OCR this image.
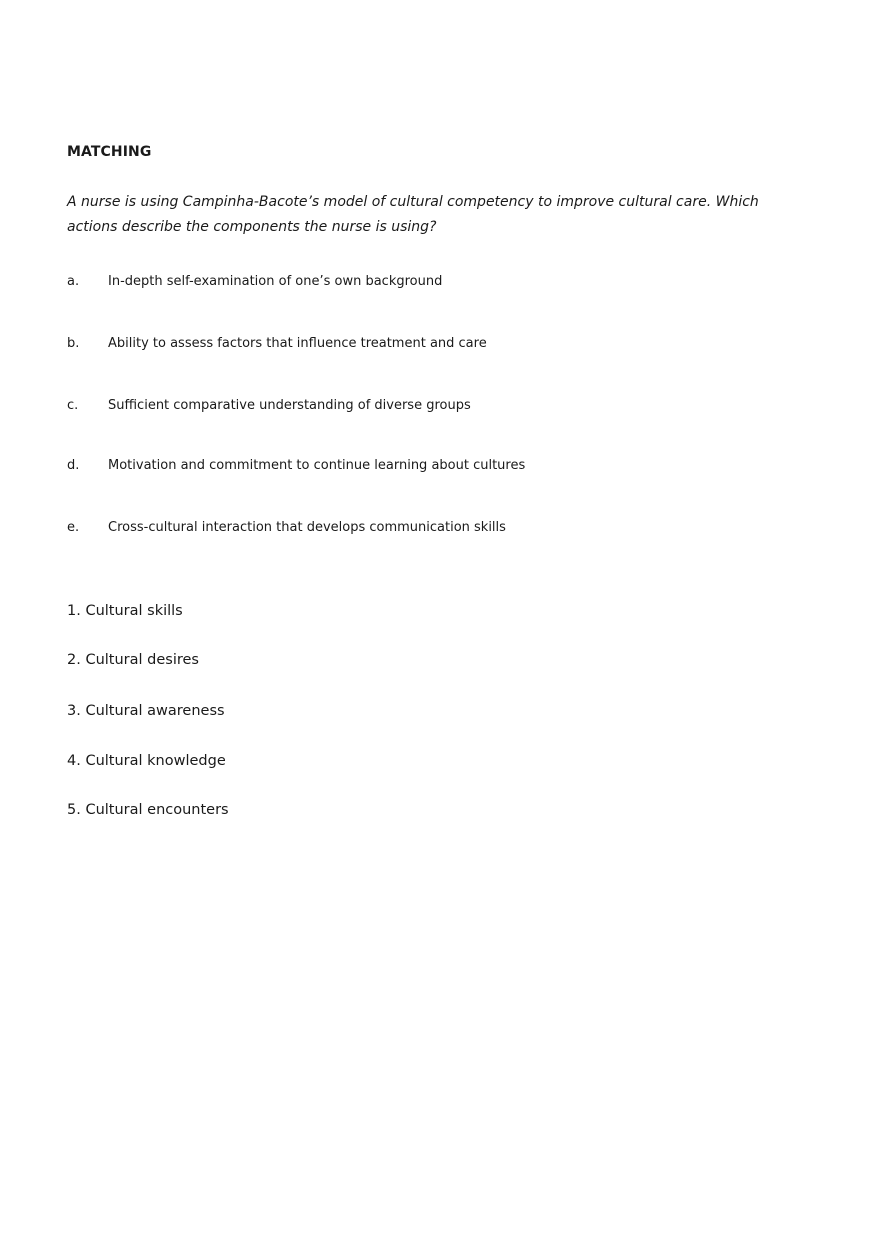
MATCHING

A nurse is using Campinha-Bacote’s model of cultural competency to improve cultural care. Which actions describe the components the nurse is using?

a.	In-depth self-examination of one’s own background
b.	Ability to assess factors that influence treatment and care
c.	Sufficient comparative understanding of diverse groups
d.	Motivation and commitment to continue learning about cultures
e.	Cross-cultural interaction that develops communication skills
1. Cultural skills
2. Cultural desires
3. Cultural awareness
4. Cultural knowledge
5. Cultural encounters
